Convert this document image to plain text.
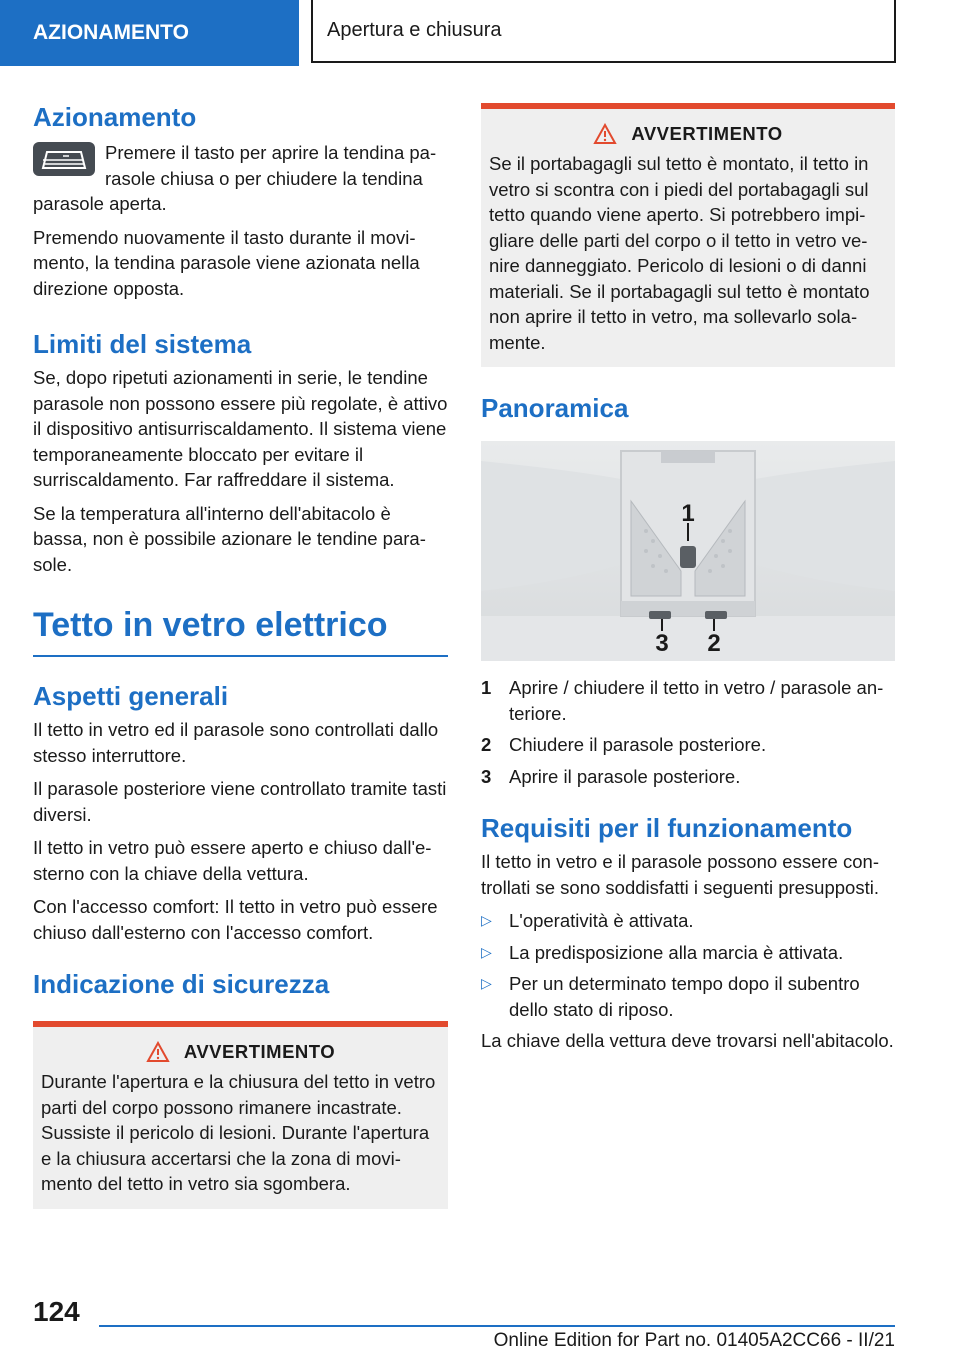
AZIONAMENTO	Apertura e chiusura
Azionamento

Premere il tasto per aprire la tendina parasole chiusa o per chiudere la tendina parasole aperta.

Premendo nuovamente il tasto durante il movimento, la tendina parasole viene azionata nella direzione opposta.

Limiti del sistema

Se, dopo ripetuti azionamenti in serie, le tendine parasole non possono essere più regolate, è attivo il dispositivo antisurriscaldamento. Il sistema viene temporaneamente bloccato per evitare il surriscaldamento. Far raffreddare il sistema.

Se la temperatura all'interno dell'abitacolo è bassa, non è possibile azionare le tendine parasole.

Tetto in vetro elettrico
Aspetti generali

Il tetto in vetro ed il parasole sono controllati dallo stesso interruttore.

Il parasole posteriore viene controllato tramite tasti diversi.

Il tetto in vetro può essere aperto e chiuso dall'esterno con la chiave della vettura.

Con l'accesso comfort: Il tetto in vetro può essere chiuso dall'esterno con l'accesso comfort.

Indicazione di sicurezza
AVVERTIMENTO

Durante l'apertura e la chiusura del tetto in vetro parti del corpo possono rimanere incastrate. Sussiste il pericolo di lesioni. Durante l'apertura e la chiusura accertarsi che la zona di movimento del tetto in vetro sia sgombera.

AVVERTIMENTO

Se il portabagagli sul tetto è montato, il tetto in vetro si scontra con i piedi del portabagagli sul tetto quando viene aperto. Si potrebbero impigliare delle parti del corpo o il tetto in vetro venire danneggiato. Pericolo di lesioni o di danni materiali. Se il portabagagli sul tetto è montato non aprire il tetto in vetro, ma sollevarlo solamente.

Panoramica
1
3 2
1 Aprire / chiudere il tetto in vetro / parasole anteriore.
2 Chiudere il parasole posteriore.
3 Aprire il parasole posteriore.
Requisiti per il funzionamento

Il tetto in vetro e il parasole possono essere controllati se sono soddisfatti i seguenti presupposti.

▷ L'operatività è attivata.
▷ La predisposizione alla marcia è attivata.
▷ Per un determinato tempo dopo il subentro dello stato di riposo.

La chiave della vettura deve trovarsi nell'abitacolo.

124
Online Edition for Part no. 01405A2CC66 - II/21
